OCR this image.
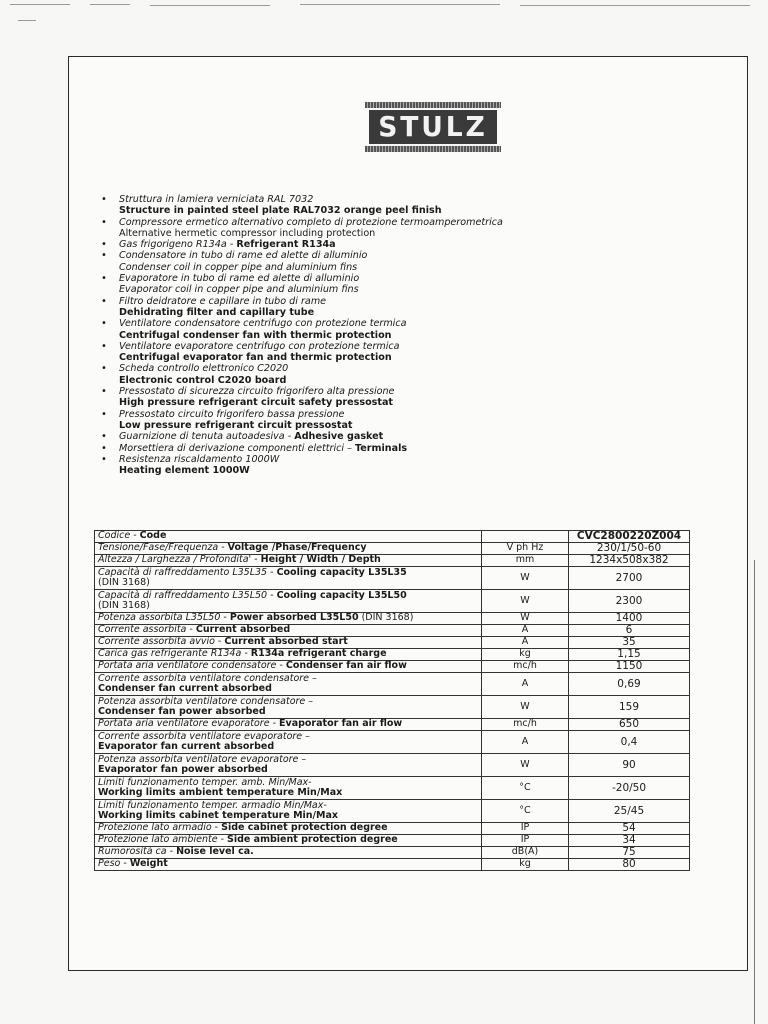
STULZ
• Struttura in lamiera verniciata RAL 7032
Structure in painted steel plate RAL7032 orange peel finish
• Compressore ermetico alternativo completo di protezione termoamperometrica
Alternative hermetic compressor including protection
• Gas frigorigeno R134a - Refrigerant R134a
• Condensatore in tubo di rame ed alette di alluminio
Condenser coil in copper pipe and aluminium fins
• Evaporatore in tubo di rame ed alette di alluminio
Evaporator coil in copper pipe and aluminium fins
• Filtro deidratore e capillare in tubo di rame
Dehidrating filter and capillary tube
• Ventilatore condensatore centrifugo con protezione termica
Centrifugal condenser fan with thermic protection
• Ventilatore evaporatore centrifugo con protezione termica
Centrifugal evaporator fan and thermic protection
• Scheda controllo elettronico C2020
Electronic control C2020 board
• Pressostato di sicurezza circuito frigorifero alta pressione
High pressure refrigerant circuit safety pressostat
• Pressostato circuito frigorifero bassa pressione
Low pressure refrigerant circuit pressostat
• Guarnizione di tenuta autoadesiva - Adhesive gasket
• Morsettiera di derivazione componenti elettrici – Terminals
• Resistenza riscaldamento 1000W
Heating element 1000W
Codice - Code		CVC2800220Z004

Tensione/Fase/Frequenza - Voltage /Phase/Frequency	V ph Hz	230/1/50-60

Altezza / Larghezza / Profondita' - Height / Width / Depth	mm	1234x508x382

Capacità di raffreddamento L35L35 - Cooling capacity L35L35
(DIN 3168)	W	2700

Capacità di raffreddamento L35L50 - Cooling capacity L35L50
(DIN 3168)	W	2300

Potenza assorbita L35L50 - Power absorbed L35L50 (DIN 3168)	W	1400

Corrente assorbita - Current absorbed	A	6

Corrente assorbita avvio - Current absorbed start	A	35

Carica gas refrigerante R134a - R134a refrigerant charge	kg	1,15

Portata aria ventilatore condensatore - Condenser fan air flow	mc/h	1150

Corrente assorbita ventilatore condensatore –
Condenser fan current absorbed	A	0,69

Potenza assorbita ventilatore condensatore –
Condenser fan power absorbed	W	159

Portata aria ventilatore evaporatore - Evaporator fan air flow	mc/h	650

Corrente assorbita ventilatore evaporatore –
Evaporator fan current absorbed	A	0,4

Potenza assorbita ventilatore evaporatore –
Evaporator fan power absorbed	W	90

Limiti funzionamento temper. amb. Min/Max-
Working limits ambient temperature Min/Max	°C	-20/50

Limiti funzionamento temper. armadio Min/Max-
Working limits cabinet temperature Min/Max	°C	25/45

Protezione lato armadio - Side cabinet protection degree	IP	54

Protezione lato ambiente - Side ambient protection degree	IP	34

Rumorosità ca - Noise level ca.	dB(A)	75

Peso - Weight	kg	80
